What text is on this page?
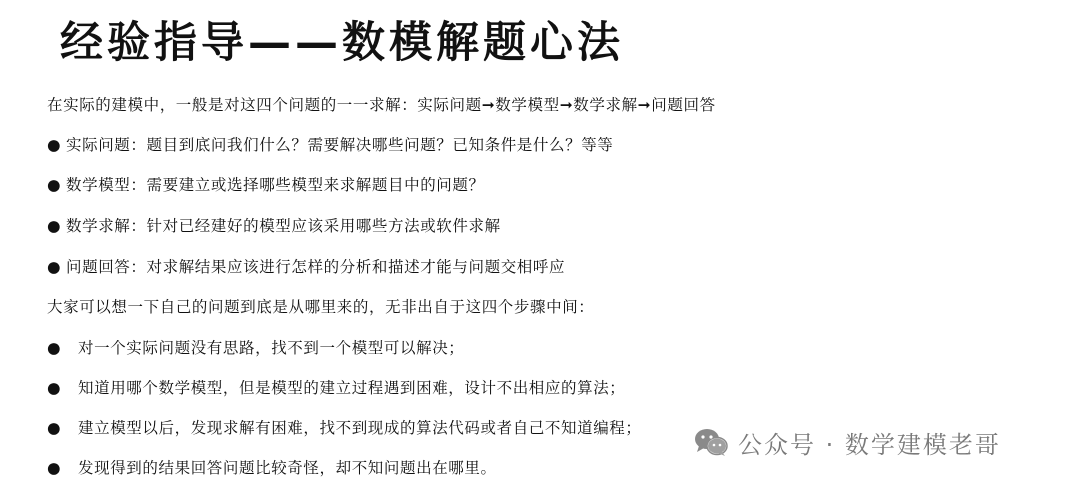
经验指导——数模解题心法
在实际的建模中，一般是对这四个问题的一一求解：实际问题➞数学模型➞数学求解➞问题回答
● 实际问题：题目到底问我们什么？需要解决哪些问题？已知条件是什么？等等
● 数学模型：需要建立或选择哪些模型来求解题目中的问题？
● 数学求解：针对已经建好的模型应该采用哪些方法或软件求解
● 问题回答：对求解结果应该进行怎样的分析和描述才能与问题交相呼应
大家可以想一下自己的问题到底是从哪里来的，无非出自于这四个步骤中间：
● 对一个实际问题没有思路，找不到一个模型可以解决；
● 知道用哪个数学模型，但是模型的建立过程遇到困难，设计不出相应的算法；
● 建立模型以后，发现求解有困难，找不到现成的算法代码或者自己不知道编程；
● 发现得到的结果回答问题比较奇怪，却不知问题出在哪里。
公众号 · 数学建模老哥
